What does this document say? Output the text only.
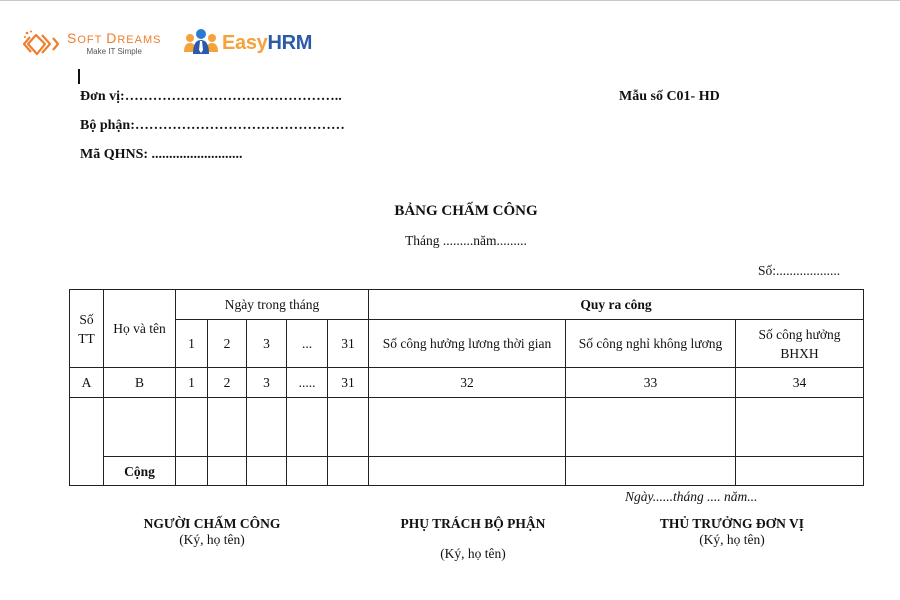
SOFT DREAMS
Make IT Simple	EasyHRM
Đơn vị:………………………………………..
Bộ phận:………………………………………
Mã QHNS: ..........................
Mẫu số C01- HD
BẢNG CHẤM CÔNG
Tháng .........năm.........
Số:...................
Số TT	Họ và tên	Ngày trong tháng					Quy ra công		
		1	2	3	...	31	Số công hưởng lương thời gian	Số công nghỉ không lương	Số công hưởng BHXH
A	B	1	2	3	.....	31	32	33	34

	Cộng								
Ngày......tháng .... năm...
NGƯỜI CHẤM CÔNG
(Ký, họ tên)
PHỤ TRÁCH BỘ PHẬN
(Ký, họ tên)
THỦ TRƯỞNG ĐƠN VỊ
(Ký, họ tên)
